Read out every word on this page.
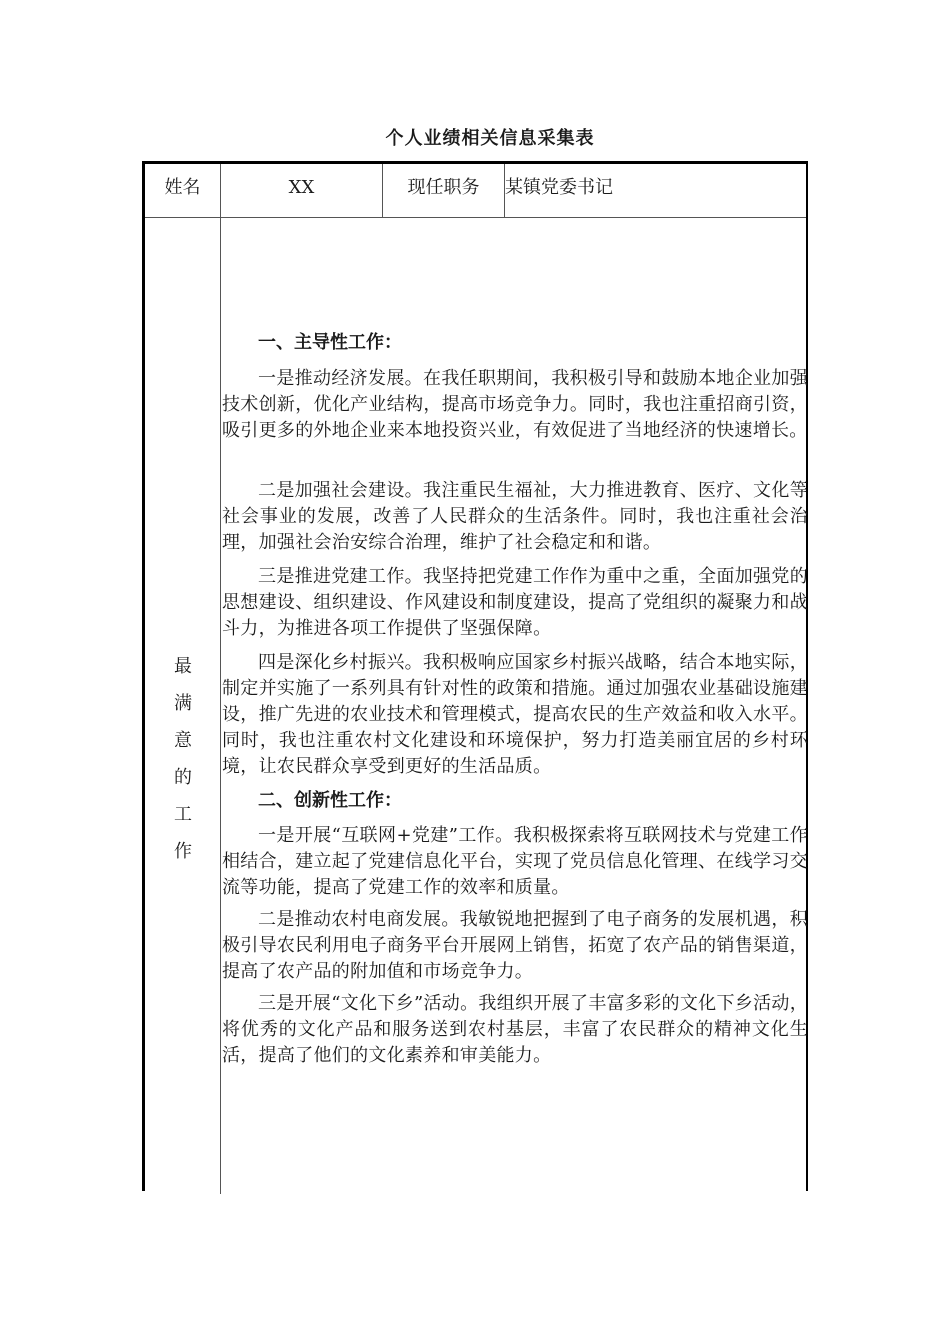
个人业绩相关信息采集表
姓名	XX	现任职务	某镇党委书记
最
满
意
的
工
作
一、主导性工作：
一是推动经济发展。在我任职期间，我积极引导和鼓励本地企业加强技术创新，优化产业结构，提高市场竞争力。同时，我也注重招商引资，吸引更多的外地企业来本地投资兴业，有效促进了当地经济的快速增长。
二是加强社会建设。我注重民生福祉，大力推进教育、医疗、文化等社会事业的发展，改善了人民群众的生活条件。同时，我也注重社会治理，加强社会治安综合治理，维护了社会稳定和和谐。
三是推进党建工作。我坚持把党建工作作为重中之重，全面加强党的思想建设、组织建设、作风建设和制度建设，提高了党组织的凝聚力和战斗力，为推进各项工作提供了坚强保障。
四是深化乡村振兴。我积极响应国家乡村振兴战略，结合本地实际，制定并实施了一系列具有针对性的政策和措施。通过加强农业基础设施建设，推广先进的农业技术和管理模式，提高农民的生产效益和收入水平。同时，我也注重农村文化建设和环境保护，努力打造美丽宜居的乡村环境，让农民群众享受到更好的生活品质。
二、创新性工作：
一是开展“互联网+党建”工作。我积极探索将互联网技术与党建工作相结合，建立起了党建信息化平台，实现了党员信息化管理、在线学习交流等功能，提高了党建工作的效率和质量。
二是推动农村电商发展。我敏锐地把握到了电子商务的发展机遇，积极引导农民利用电子商务平台开展网上销售，拓宽了农产品的销售渠道，提高了农产品的附加值和市场竞争力。
三是开展“文化下乡”活动。我组织开展了丰富多彩的文化下乡活动，将优秀的文化产品和服务送到农村基层，丰富了农民群众的精神文化生活，提高了他们的文化素养和审美能力。
